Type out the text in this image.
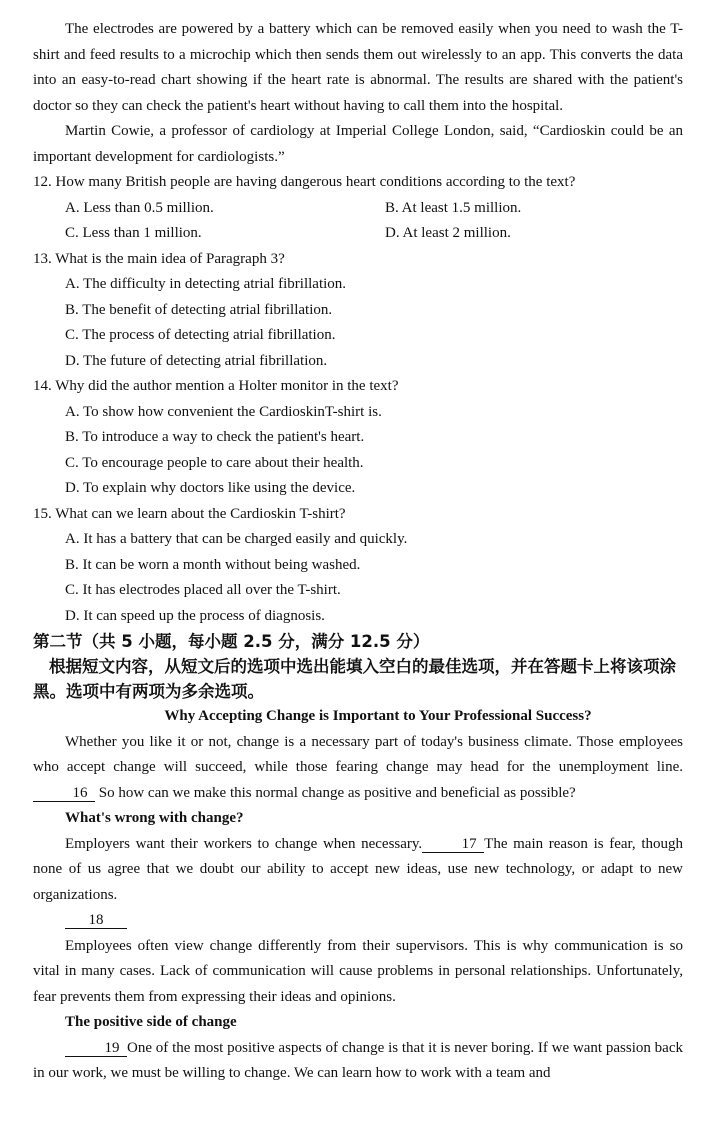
The electrodes are powered by a battery which can be removed easily when you need to wash the T-shirt and feed results to a microchip which then sends them out wirelessly to an app. This converts the data into an easy-to-read chart showing if the heart rate is abnormal. The results are shared with the patient's doctor so they can check the patient's heart without having to call them into the hospital.

Martin Cowie, a professor of cardiology at Imperial College London, said, “Cardioskin could be an important development for cardiologists.”

12. How many British people are having dangerous heart conditions according to the text?

A. Less than 0.5 million.	B. At least 1.5 million.
C. Less than 1 million.	D. At least 2 million.

13. What is the main idea of Paragraph 3?

A. The difficulty in detecting atrial fibrillation.

B. The benefit of detecting atrial fibrillation.

C. The process of detecting atrial fibrillation.

D. The future of detecting atrial fibrillation.

14. Why did the author mention a Holter monitor in the text?

A. To show how convenient the CardioskinT-shirt is.

B. To introduce a way to check the patient's heart.

C. To encourage people to care about their health.

D. To explain why doctors like using the device.

15. What can we learn about the Cardioskin T-shirt?

A. It has a battery that can be charged easily and quickly.

B. It can be worn a month without being washed.

C. It has electrodes placed all over the T-shirt.

D. It can speed up the process of diagnosis.

第二节（共 5 小题，每小题 2.5 分，满分 12.5 分）

根据短文内容，从短文后的选项中选出能填入空白的最佳选项，并在答题卡上将该项涂黑。选项中有两项为多余选项。

Why Accepting Change is Important to Your Professional Success?

Whether you like it or not, change is a necessary part of today's business climate. Those employees who accept change will succeed, while those fearing change may head for the unemployment line.16 So how can we make this normal change as positive and beneficial as possible?

What's wrong with change?

Employers want their workers to change when necessary.	17 The main reason is fear, though none of us agree that we doubt our ability to accept new ideas, use new technology, or adapt to new organizations.

18

Employees often view change differently from their supervisors. This is why communication is so vital in many cases. Lack of communication will cause problems in personal relationships. Unfortunately, fear prevents them from expressing their ideas and opinions.

The positive side of change

19 One of the most positive aspects of change is that it is never boring. If we want passion back in our work, we must be willing to change. We can learn how to work with a team and
